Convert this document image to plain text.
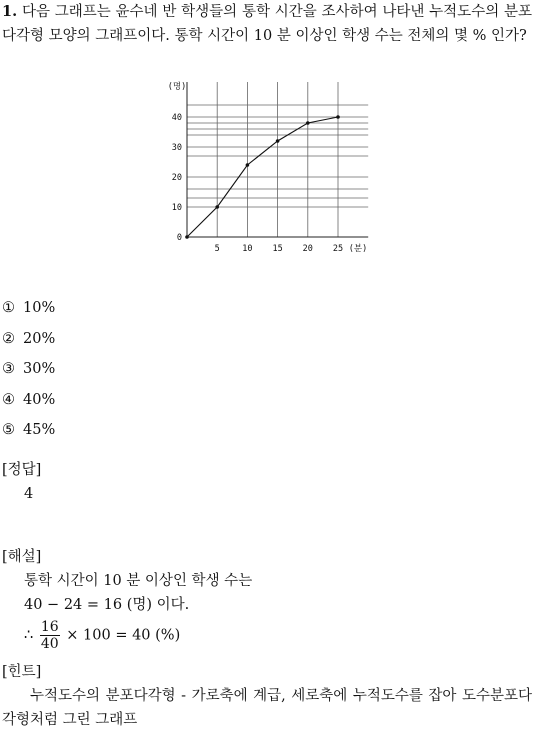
1. 다음 그래프는 윤수네 반 학생들의 통학 시간을 조사하여 나타낸 누적도수의 분포다각형 모양의 그래프이다. 통학 시간이 10 분 이상인 학생 수는 전체의 몇 % 인가?
0
10
20
30
40
5	10 15 20 25
(명)
(분)
① 10%
② 20%
③ 30%
④ 40%
⑤ 45%
[정답]
4
[해설]
통학 시간이 10 분 이상인 학생 수는
40 − 24 = 16 (명) 이다.
∴ $\frac{16}{40} \times 100 = 40$ (%)
[힌트]
누적도수의 분포다각형 - 가로축에 계급, 세로축에 누적도수를 잡아 도수분포다각형처럼 그린 그래프
